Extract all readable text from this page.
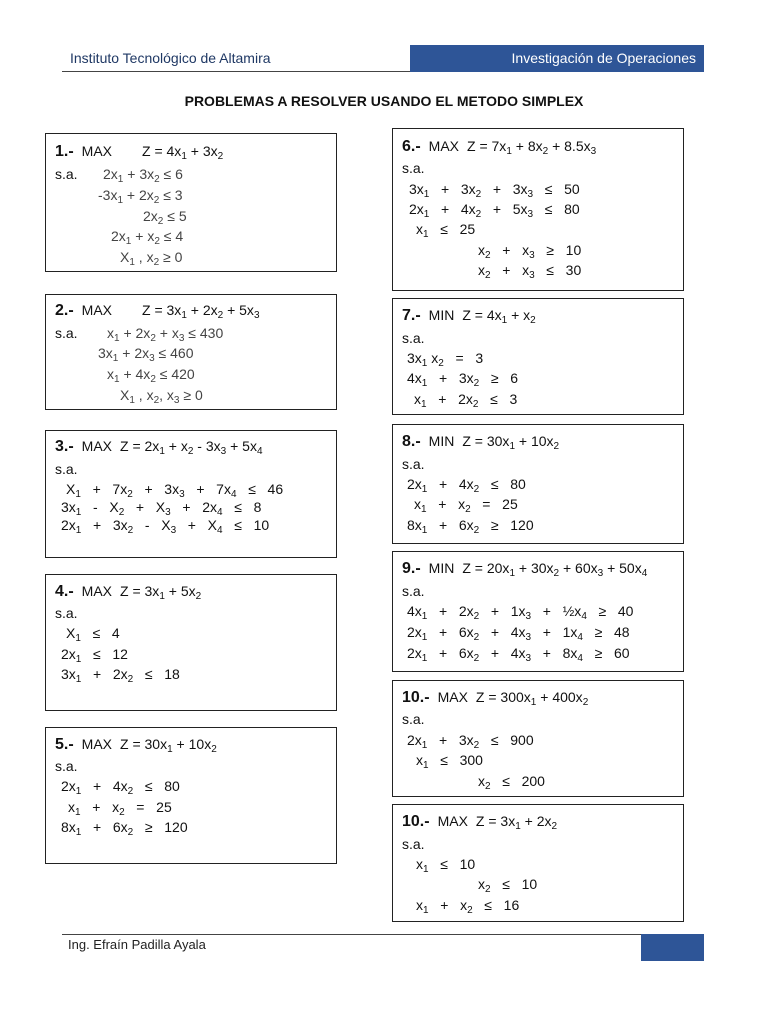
Instituto Tecnológico de Altamira	Investigación de Operaciones
PROBLEMAS A RESOLVER USANDO EL METODO SIMPLEX
1.- MAX $Z = 4x_1 + 3x_2$
s.a. $2x_1 + 3x_2 \le 6$
$-3x_1 + 2x_2 \le 3$
$2x_2 \le 5$
$2x_1 + x_2 \le 4$
$X_1$ , $x_2 \ge 0$
2.- MAX $Z = 3x_1 + 2x_2 + 5x_3$
s.a. $x_1 + 2x_2 + x_3 \le 430$
$3x_1 + 2x_3 \le 460$
$x_1 + 4x_2 \le 420$
$X_1$ , $x_2$, $x_3 \ge 0$
3.- MAX $Z = 2x_1 + x_2 - 3x_3 + 5x_4$
s.a.
$X_1 + 7x_2 + 3x_3 + 7x_4 \le 46$
$3x_1 - X_2 + X_3 + 2x_4 \le 8$
$2x_1 + 3x_2 - X_3 + X_4 \le 10$
4.- MAX $Z = 3x_1 + 5x_2$
s.a.
$X_1 \le 4$
$2x_1 \le 12$
$3x_1 + 2x_2 \le 18$
5.- MAX $Z = 30x_1 + 10x_2$
s.a.
$2x_1 + 4x_2 \le 80$
$x_1 + x_2 = 25$
$8x_1 + 6x_2 \ge 120$
6.- MAX $Z = 7x_1 + 8x_2 + 8.5x_3$
s.a.
$3x_1 + 3x_2 + 3x_3 \le 50$
$2x_1 + 4x_2 + 5x_3 \le 80$
$x_1 \le 25$
$x_2 + x_3 \ge 10$
$x_2 + x_3 \le 30$
7.- MIN $Z = 4x_1 + x_2$
s.a.
$3x_1$ $x_2 = 3$
$4x_1 + 3x_2 \ge 6$
$x_1 + 2x_2 \le 3$
8.- MIN $Z = 30x_1 + 10x_2$
s.a.
$2x_1 + 4x_2 \le 80$
$x_1 + x_2 = 25$
$8x_1 + 6x_2 \ge 120$
9.- MIN $Z = 20x_1 + 30x_2 + 60x_3 + 50x_4$
s.a.
$4x_1 + 2x_2 + 1x_3$   +   $\frac{1}{2}x_4 \ge 40$
$2x_1 + 6x_2 + 4x_3 + 1x_4 \ge 48$
$2x_1 + 6x_2 + 4x_3 + 8x_4 \ge 60$
10.- MAX $Z = 300x_1 + 400x_2$
s.a.
$2x_1 + 3x_2 \le 900$
$x_1 \le 300$
$x_2 \le 200$
10.- MAX $Z = 3x_1 + 2x_2$
s.a.
$x_1 \le 10$
$x_2 \le 10$
$x_1 + x_2 \le 16$
Ing. Efraín Padilla Ayala
